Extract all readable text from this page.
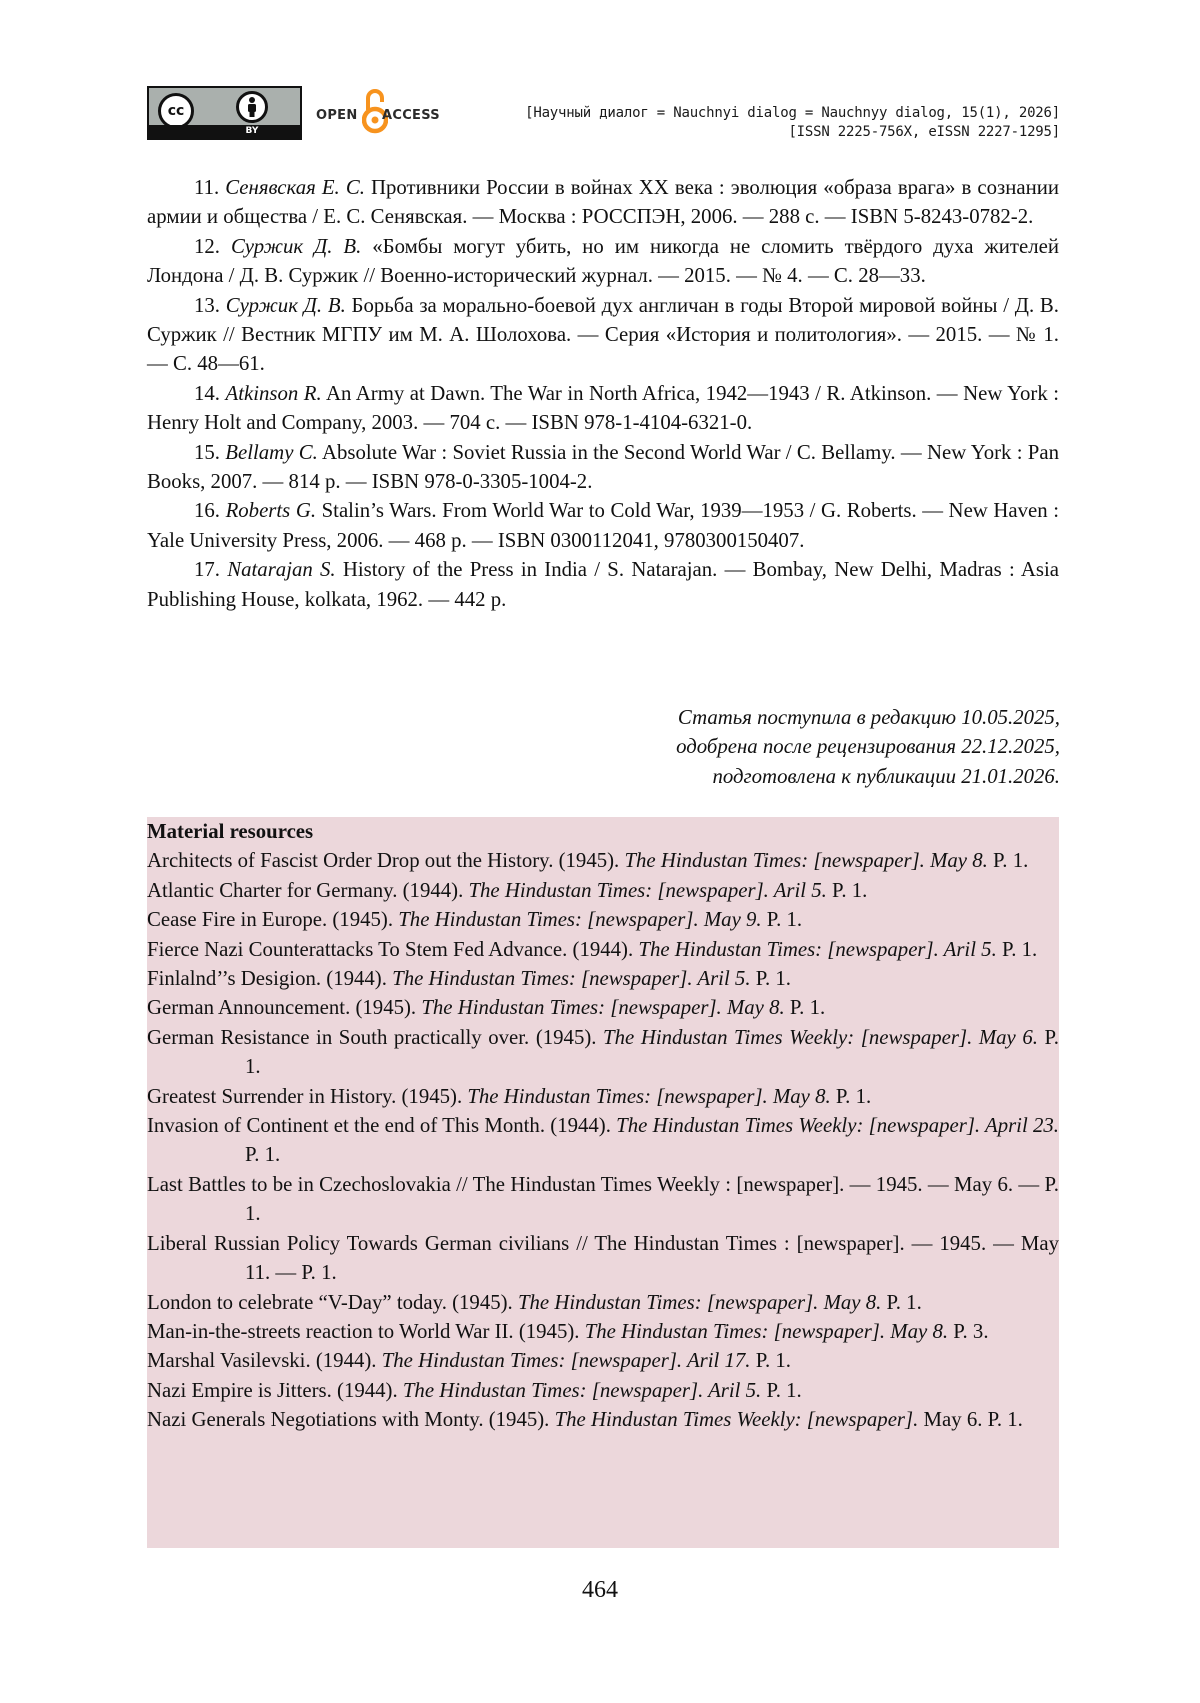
cc
BY
OPEN ACCESS	[Научный диалог = Nauchnyi dialog = Nauchnyy dialog, 15(1), 2026]
[ISSN 2225-756X, eISSN 2227-1295]

11. Сенявская Е. С. Противники России в войнах XX века : эволюция «образа врага» в сознании армии и общества / Е. С. Сенявская. — Москва : РОССПЭН, 2006. — 288 с. — ISBN 5-8243-0782-2.

12. Суржик Д. В. «Бомбы могут убить, но им никогда не сломить твёрдого духа жителей Лондона / Д. В. Суржик // Военно-исторический журнал. — 2015. — № 4. — С. 28—33.

13. Суржик Д. В. Борьба за морально-боевой дух англичан в годы Второй мировой войны / Д. В. Суржик // Вестник МГПУ им М. А. Шолохова. — Серия «История и политология». — 2015. — № 1. — С. 48—61.

14. Atkinson R. An Army at Dawn. The War in North Africa, 1942—1943 / R. Atkinson. — New York : Henry Holt and Company, 2003. — 704 с. — ISBN 978-1-4104-6321-0.

15. Bellamy C. Absolute War : Soviet Russia in the Second World War / C. Bellamy. — New York : Pan Books, 2007. — 814 p. — ISBN 978-0-3305-1004-2.

16. Roberts G. Stalin’s Wars. From World War to Cold War, 1939—1953 / G. Roberts. — New Haven : Yale University Press, 2006. — 468 p. — ISBN 0300112041, 9780300150407.

17. Natarajan S. History of the Press in India / S. Natarajan. — Bombay, New Delhi, Madras : Asia Publishing House, kolkata, 1962. — 442 p.

Статья поступила в редакцию 10.05.2025,
одобрена после рецензирования 22.12.2025,
подготовлена к публикации 21.01.2026.

Material resources

Architects of Fascist Order Drop out the History. (1945). The Hindustan Times: [newspaper]. May 8. P. 1.

Atlantic Charter for Germany. (1944). The Hindustan Times: [newspaper]. Aril 5. P. 1.

Cease Fire in Europe. (1945). The Hindustan Times: [newspaper]. May 9. P. 1.

Fierce Nazi Counterattacks To Stem Fed Advance. (1944). The Hindustan Times: [newspaper]. Aril 5. P. 1.

Finlalnd’’s Desigion. (1944). The Hindustan Times: [newspaper]. Aril 5. P. 1.

German Announcement. (1945). The Hindustan Times: [newspaper]. May 8. P. 1.

German Resistance in South practically over. (1945). The Hindustan Times Weekly: [newspaper]. May 6. P. 1.

Greatest Surrender in History. (1945). The Hindustan Times: [newspaper]. May 8. P. 1.

Invasion of Continent et the end of This Month. (1944). The Hindustan Times Weekly: [newspaper]. April 23. P. 1.

Last Battles to be in Czechoslovakia // The Hindustan Times Weekly : [newspaper]. — 1945. — May 6. — P. 1.

Liberal Russian Policy Towards German civilians // The Hindustan Times : [newspaper]. — 1945. — May 11. — P. 1.

London to celebrate “V-Day” today. (1945). The Hindustan Times: [newspaper]. May 8. P. 1.

Man-in-the-streets reaction to World War II. (1945). The Hindustan Times: [newspaper]. May 8. P. 3.

Marshal Vasilevski. (1944). The Hindustan Times: [newspaper]. Aril 17. P. 1.

Nazi Empire is Jitters. (1944). The Hindustan Times: [newspaper]. Aril 5. P. 1.

Nazi Generals Negotiations with Monty. (1945). The Hindustan Times Weekly: [newspaper]. May 6. P. 1.

464
